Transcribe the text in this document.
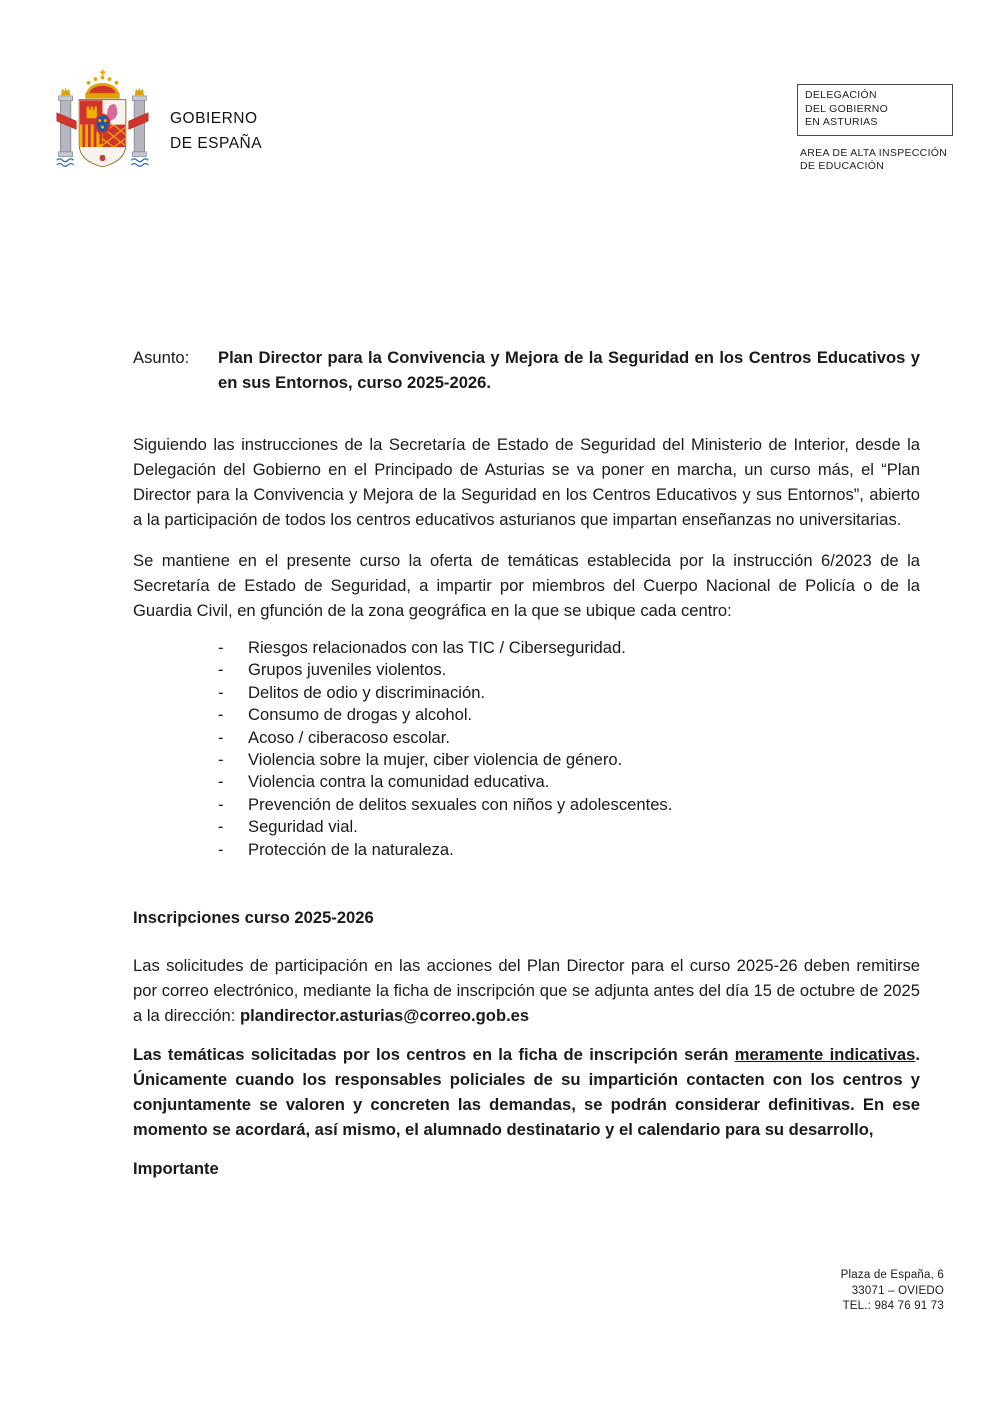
GOBIERNO
DE ESPAÑA
DELEGACIÓN
DEL GOBIERNO
EN ASTURIAS
AREA DE ALTA INSPECCIÓN
DE EDUCACIÓN
Asunto:	Plan Director para la Convivencia y Mejora de la Seguridad en los Centros Educativos y en sus Entornos, curso 2025-2026.

Siguiendo las instrucciones de la Secretaría de Estado de Seguridad del Ministerio de Interior, desde la Delegación del Gobierno en el Principado de Asturias se va poner en marcha, un curso más, el “Plan Director para la Convivencia y Mejora de la Seguridad en los Centros Educativos y sus Entornos”, abierto a la participación de todos los centros educativos asturianos que impartan enseñanzas no universitarias.

Se mantiene en el presente curso la oferta de temáticas establecida por la instrucción 6/2023 de la Secretaría de Estado de Seguridad, a impartir por miembros del Cuerpo Nacional de Policía o de la Guardia Civil, en gfunción de la zona geográfica en la que se ubique cada centro:

-	Riesgos relacionados con las TIC / Ciberseguridad.
-	Grupos juveniles violentos.
-	Delitos de odio y discriminación.
-	Consumo de drogas y alcohol.
-	Acoso / ciberacoso escolar.
-	Violencia sobre la mujer, ciber violencia de género.
-	Violencia contra la comunidad educativa.
-	Prevención de delitos sexuales con niños y adolescentes.
-	Seguridad vial.
-	Protección de la naturaleza.
Inscripciones curso 2025-2026

Las solicitudes de participación en las acciones del Plan Director para el curso 2025-26 deben remitirse por correo electrónico, mediante la ficha de inscripción que se adjunta antes del día 15 de octubre de 2025 a la dirección: plandirector.asturias@correo.gob.es

Las temáticas solicitadas por los centros en la ficha de inscripción serán meramente indicativas. Únicamente cuando los responsables policiales de su impartición contacten con los centros y conjuntamente se valoren y concreten las demandas, se podrán considerar definitivas. En ese momento se acordará, así mismo, el alumnado destinatario y el calendario para su desarrollo,

Importante
Plaza de España, 6
33071 – OVIEDO
TEL.: 984 76 91 73
